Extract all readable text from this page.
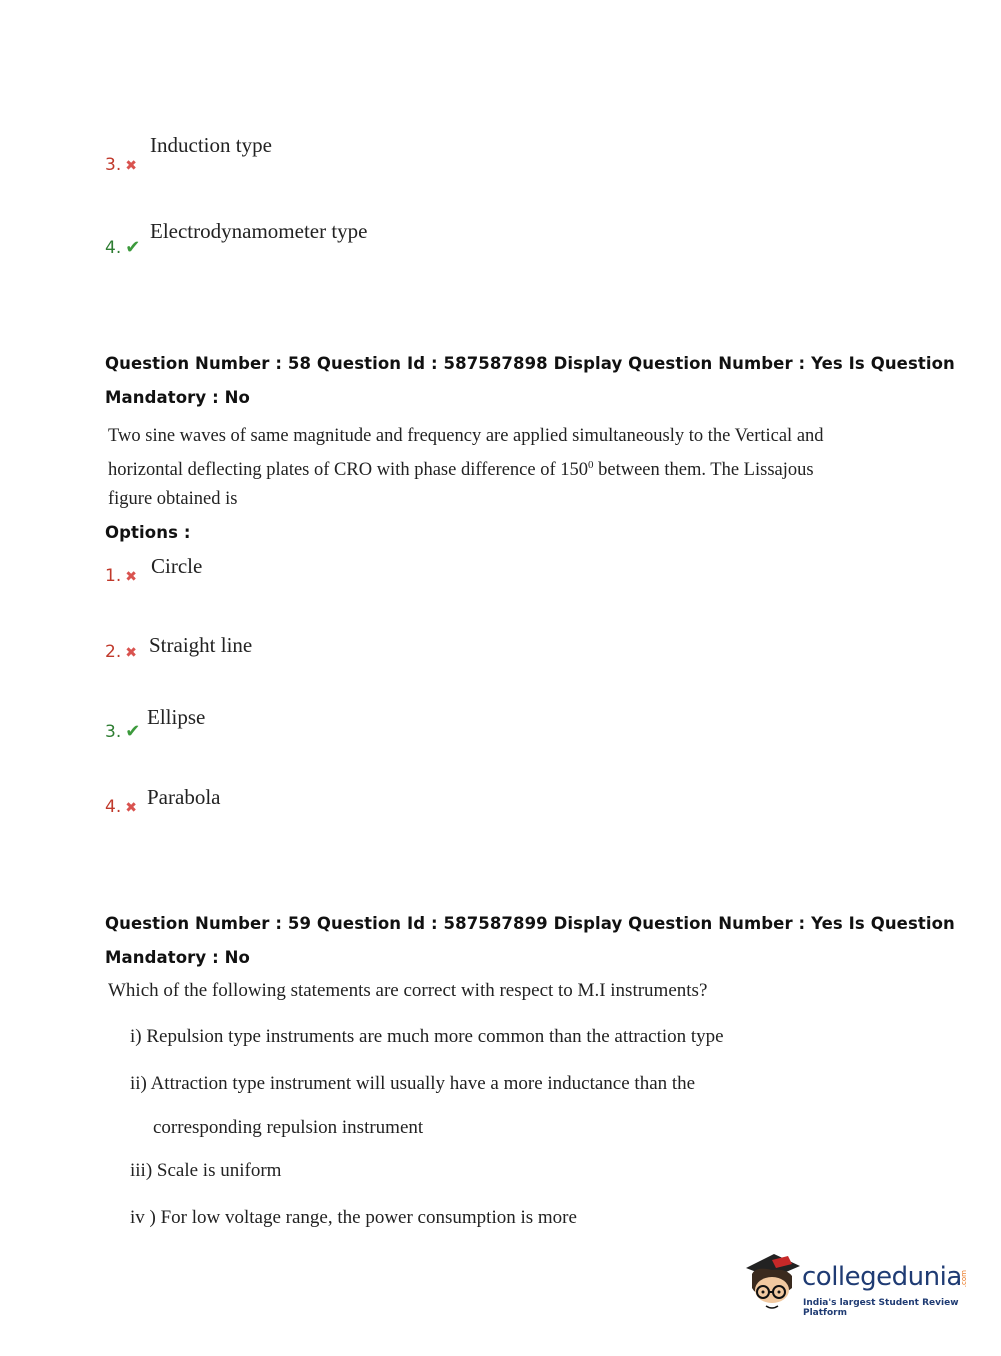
Induction type
3. ✖
Electrodynamometer type
4. ✔
Question Number : 58 Question Id : 587587898 Display Question Number : Yes Is Question
Mandatory : No
Two sine waves of same magnitude and frequency are applied simultaneously to the Vertical and
horizontal deflecting plates of CRO with phase difference of $150^0$ between them. The Lissajous
figure obtained is
Options :
Circle
1. ✖
Straight line
2. ✖
Ellipse
3. ✔
Parabola
4. ✖
Question Number : 59 Question Id : 587587899 Display Question Number : Yes Is Question
Mandatory : No
Which of the following statements are correct with respect to M.I instruments?
i) Repulsion type instruments are much more common than the attraction type
ii) Attraction type instrument will usually have a more inductance than the
corresponding repulsion instrument
iii) Scale is uniform
iv ) For low voltage range, the power consumption is more
collegedunia
.com
India's largest Student Review Platform
